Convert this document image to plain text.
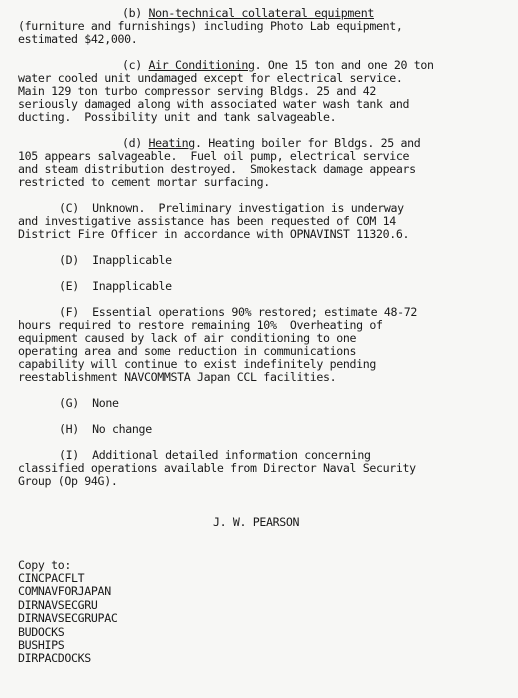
(b) Non-technical collateral equipment
(furniture and furnishings) including Photo Lab equipment,
estimated $42,000.
(c) Air Conditioning. One 15 ton and one 20 ton
water cooled unit undamaged except for electrical service.
Main 129 ton turbo compressor serving Bldgs. 25 and 42
seriously damaged along with associated water wash tank and
ducting.  Possibility unit and tank salvageable.
(d) Heating. Heating boiler for Bldgs. 25 and
105 appears salvageable.  Fuel oil pump, electrical service
and steam distribution destroyed.  Smokestack damage appears
restricted to cement mortar surfacing.
(C)  Unknown.  Preliminary investigation is underway
and investigative assistance has been requested of COM 14
District Fire Officer in accordance with OPNAVINST 11320.6.
(D)  Inapplicable
(E)  Inapplicable
(F)  Essential operations 90% restored; estimate 48-72
hours required to restore remaining 10%  Overheating of
equipment caused by lack of air conditioning to one
operating area and some reduction in communications
capability will continue to exist indefinitely pending
reestablishment NAVCOMMSTA Japan CCL facilities.
(G)  None
(H)  No change
(I)  Additional detailed information concerning
classified operations available from Director Naval Security
Group (Op 94G).
J. W. PEARSON
Copy to:
CINCPACFLT
COMNAVFORJAPAN
DIRNAVSECGRU
DIRNAVSECGRUPAC
BUDOCKS
BUSHIPS
DIRPACDOCKS
